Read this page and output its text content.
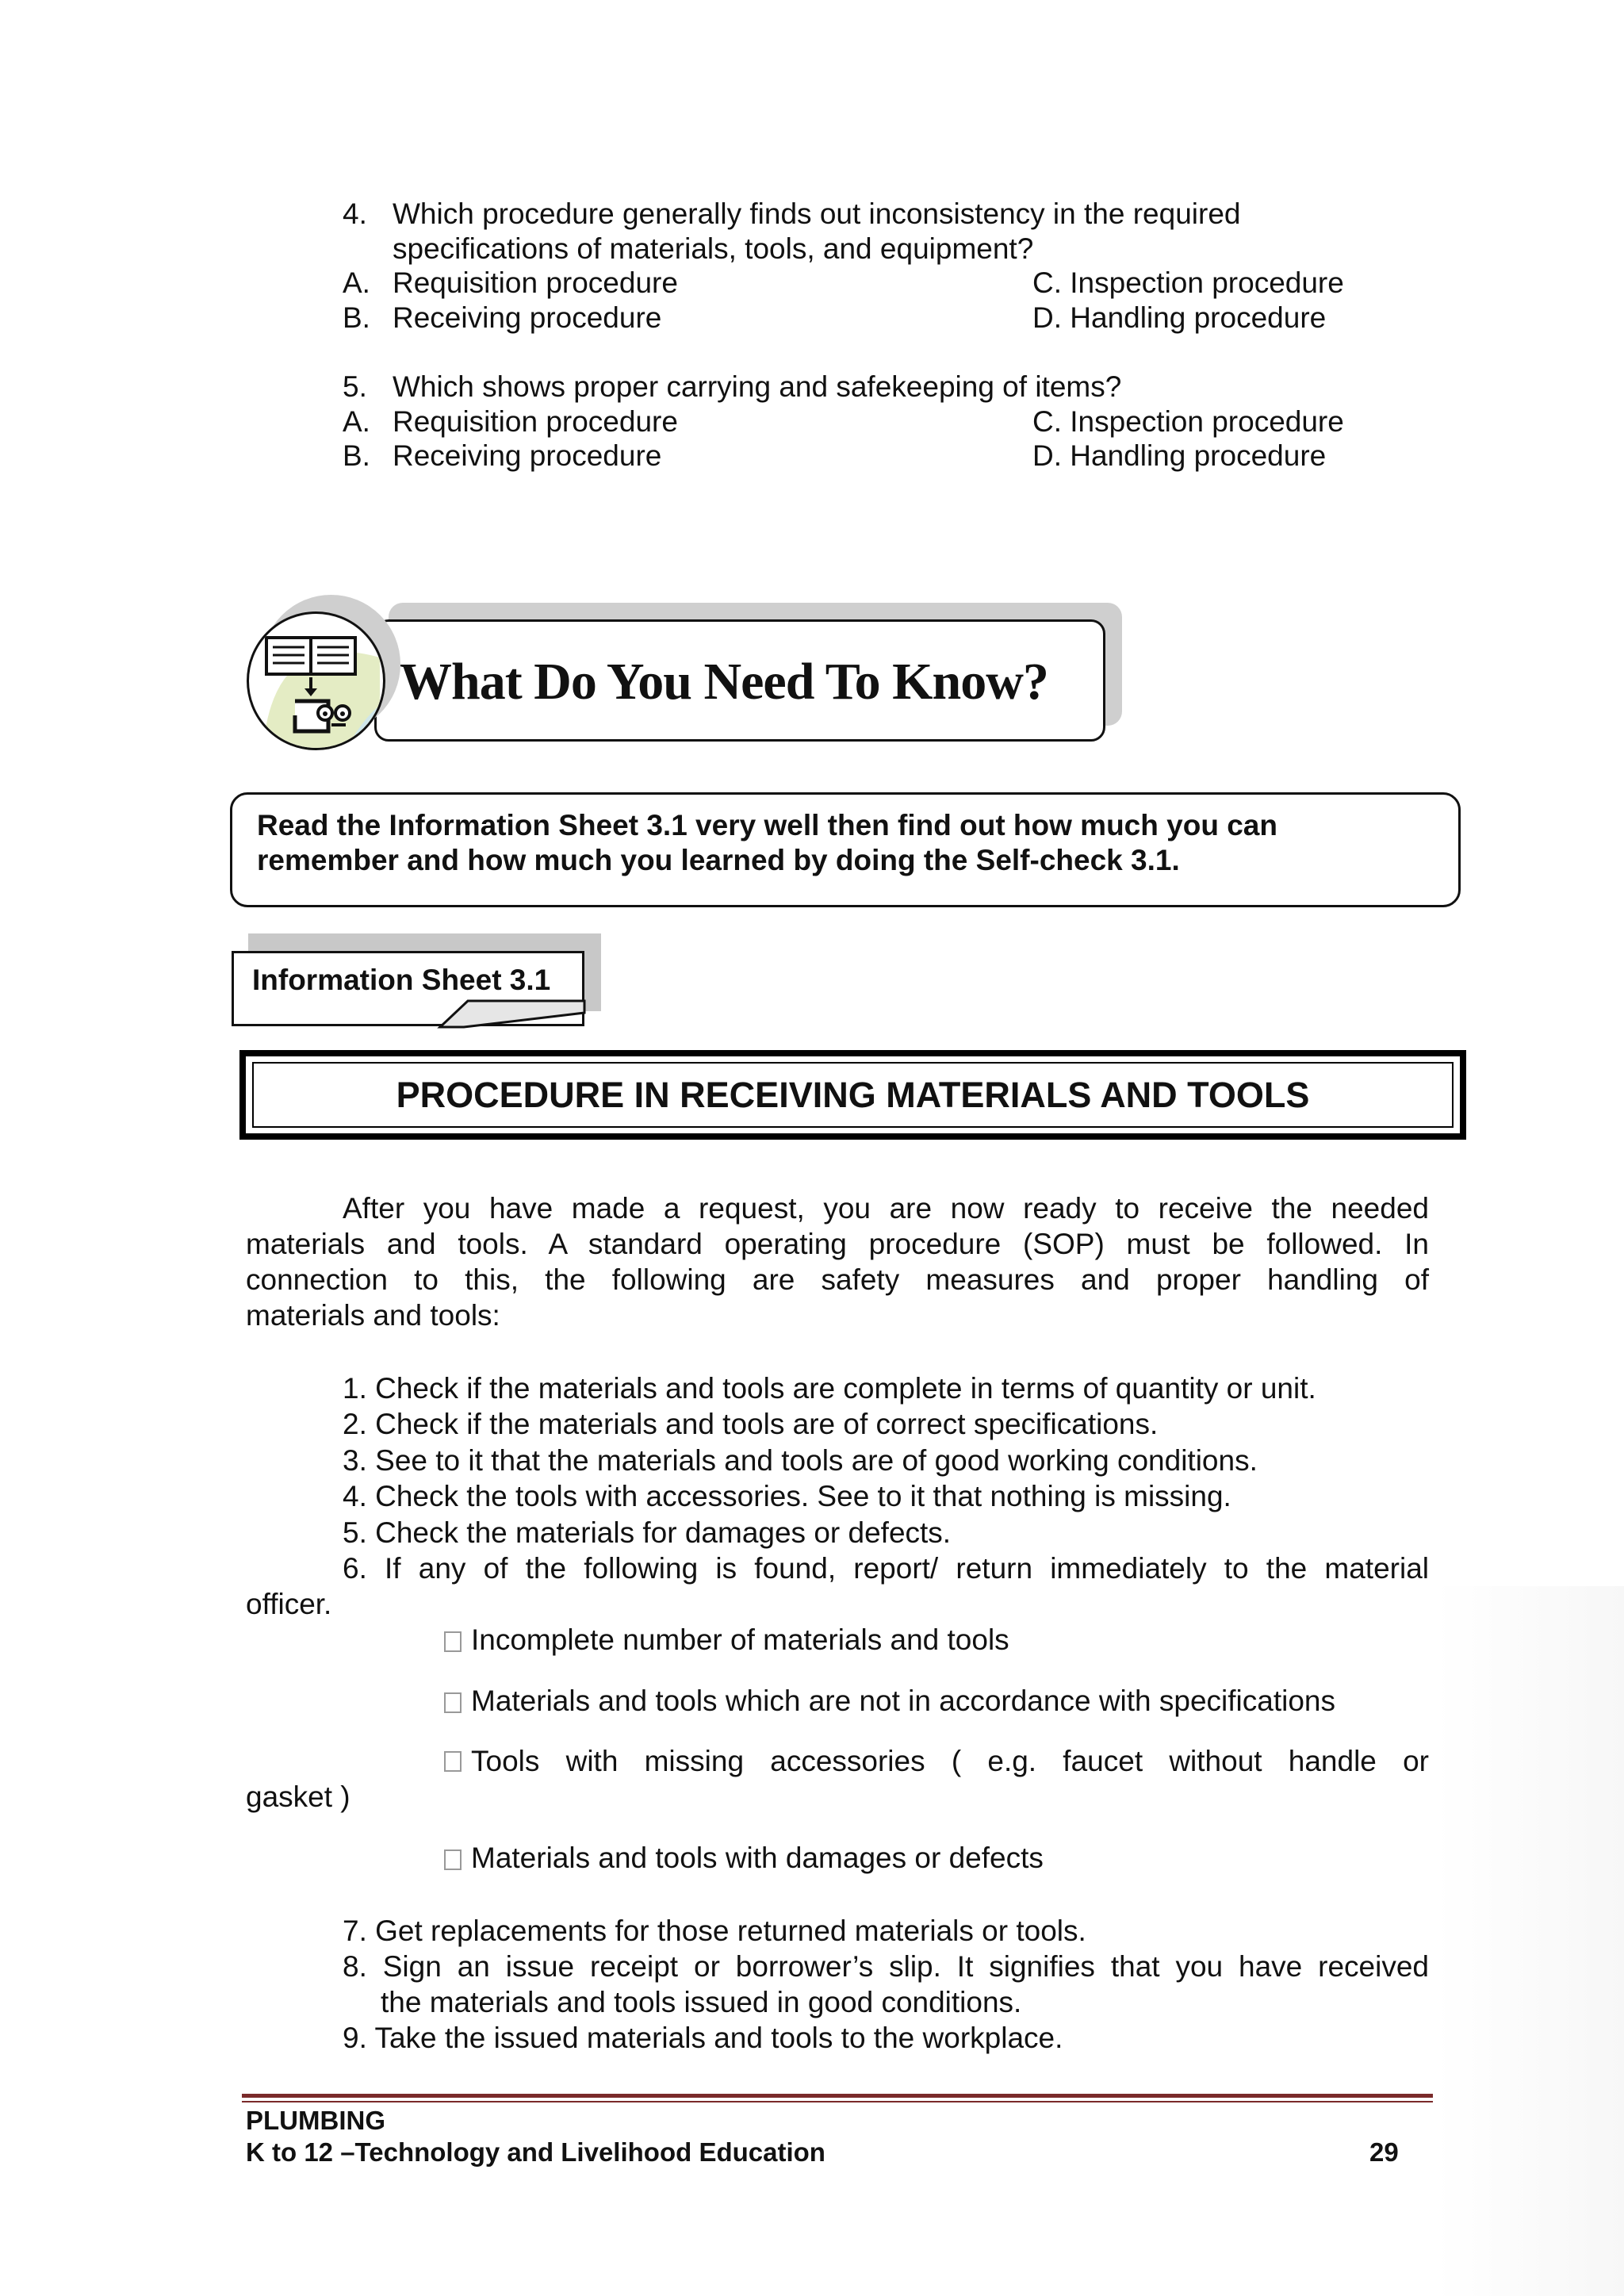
4. Which procedure generally finds out inconsistency in the required
specifications of materials, tools, and equipment?
A. Requisition procedure	C. Inspection procedure
B. Receiving procedure	D. Handling procedure
5. Which shows proper carrying and safekeeping of items?
A. Requisition procedure	C. Inspection procedure
B. Receiving procedure	D. Handling procedure
What Do You Need To Know?
Read the Information Sheet 3.1 very well then find out how much you can
remember and how much you learned by doing the Self-check 3.1.
Information Sheet 3.1
PROCEDURE IN RECEIVING MATERIALS AND TOOLS
After you have made a request, you are now ready to receive the needed
materials and tools. A standard operating procedure (SOP) must be followed. In
connection to this, the following are safety measures and proper handling of
materials and tools:
1. Check if the materials and tools are complete in terms of quantity or unit.
2. Check if the materials and tools are of correct specifications.
3. See to it that the materials and tools are of good working conditions.
4. Check the tools with accessories. See to it that nothing is missing.
5. Check the materials for damages or defects.
6. If any of the following is found, report/ return immediately to the material
officer.
Incomplete number of materials and tools
Materials and tools which are not in accordance with specifications
Tools with missing accessories ( e.g. faucet without handle or
gasket )
Materials and tools with damages or defects
7. Get replacements for those returned materials or tools.
8. Sign an issue receipt or borrower’s slip. It signifies that you have received
the materials and tools issued in good conditions.
9. Take the issued materials and tools to the workplace.
PLUMBING
K to 12 –Technology and Livelihood Education	29
